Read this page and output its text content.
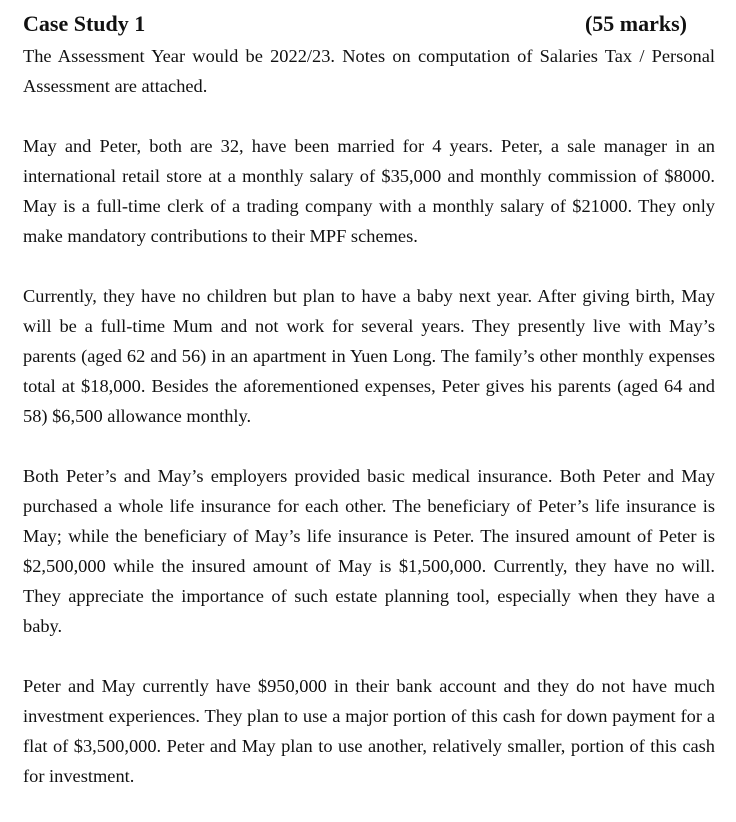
Case Study 1	(55 marks)

The Assessment Year would be 2022/23. Notes on computation of Salaries Tax / Personal Assessment are attached.

May and Peter, both are 32, have been married for 4 years. Peter, a sale manager in an international retail store at a monthly salary of $35,000 and monthly commission of $8000. May is a full-time clerk of a trading company with a monthly salary of $21000. They only make mandatory contributions to their MPF schemes.

Currently, they have no children but plan to have a baby next year. After giving birth, May will be a full-time Mum and not work for several years. They presently live with May’s parents (aged 62 and 56) in an apartment in Yuen Long. The family’s other monthly expenses total at $18,000. Besides the aforementioned expenses, Peter gives his parents (aged 64 and 58) $6,500 allowance monthly.

Both Peter’s and May’s employers provided basic medical insurance. Both Peter and May purchased a whole life insurance for each other. The beneficiary of Peter’s life insurance is May; while the beneficiary of May’s life insurance is Peter. The insured amount of Peter is $2,500,000 while the insured amount of May is $1,500,000. Currently, they have no will. They appreciate the importance of such estate planning tool, especially when they have a baby.

Peter and May currently have $950,000 in their bank account and they do not have much investment experiences. They plan to use a major portion of this cash for down payment for a flat of $3,500,000. Peter and May plan to use another, relatively smaller, portion of this cash for investment.
